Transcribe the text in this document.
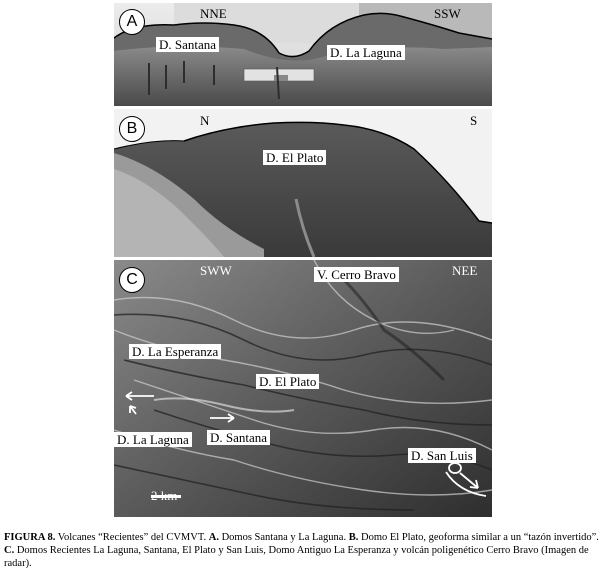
A	NNE	SSW
D. Santana
D. La Laguna
B	N	S
D. El Plato
C
SWW	NEE
V. Cerro Bravo
D. La Esperanza
D. El Plato
D. La Laguna D. Santana
D. San Luis
2 km
FIGURA 8. Volcanes “Recientes” del CVMVT. A. Domos Santana y La Laguna. B. Domo El Plato, geoforma similar a un “tazón invertido”. C. Domos Recientes La Laguna, Santana, El Plato y San Luis, Domo Antiguo La Esperanza y volcán poligenético Cerro Bravo (Imagen de radar).
